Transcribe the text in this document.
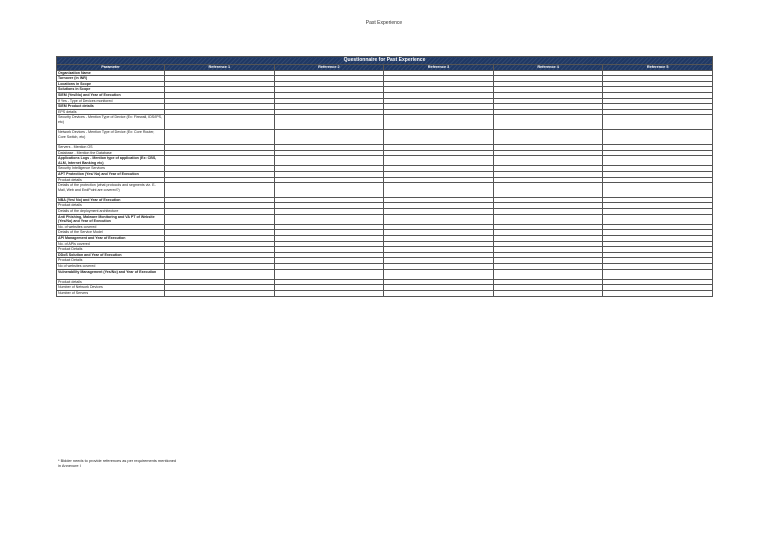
Past Experience
Questionnaire for Past Experience					
Parameter	Reference 1	Reference 2	Reference 3	Reference 4	Reference 5
Organization Name					
Turnover (in INR)					
Locations in Scope					
Solutions in Scope					
SIEM (Yes/No) and Year of Execution					
If Yes - Type of Devices monitored					
SIEM Product details					
EPS details					
Security Devices - Mention Type of Device (Ex: Firewall, IDS/IPS, etc)					
Network Devices - Mention Type of Device (Ex: Core Router, Core Switch, etc)					
Servers - Mention OS					
Database - Mention the Database					
Applications Logs - Mention type of application (Ex: CBS, ALM, Internet Banking etc)					
Security Intelligence Services					
APT Protection (Yes/ No) and Year of Execution					
Product details					
Details of the protection (what protocols and segments viz. E-Mail, Web and EndPoint are covered?)					
NBA (Yes/ No) and Year of Execution					
Product details					
Details of the deployment architecture					
Anti Phishing, Malware Monitoring and VA PT of Website (Yes/No) and Year of Execution					
No. of websites covered					
Details of the Service Model					
API Management and Year of Execution					
No. of APIs covered					
Product Details					
DDoS Solution and Year of Execution					
Product Details					
No of websites covered					
Vulnerability Management (Yes/No) and Year of Execution					
Product details					
Number of Network Devices					
Number of Servers					
* Bidder needs to provide references as per requirements mentioned in Annexure I
